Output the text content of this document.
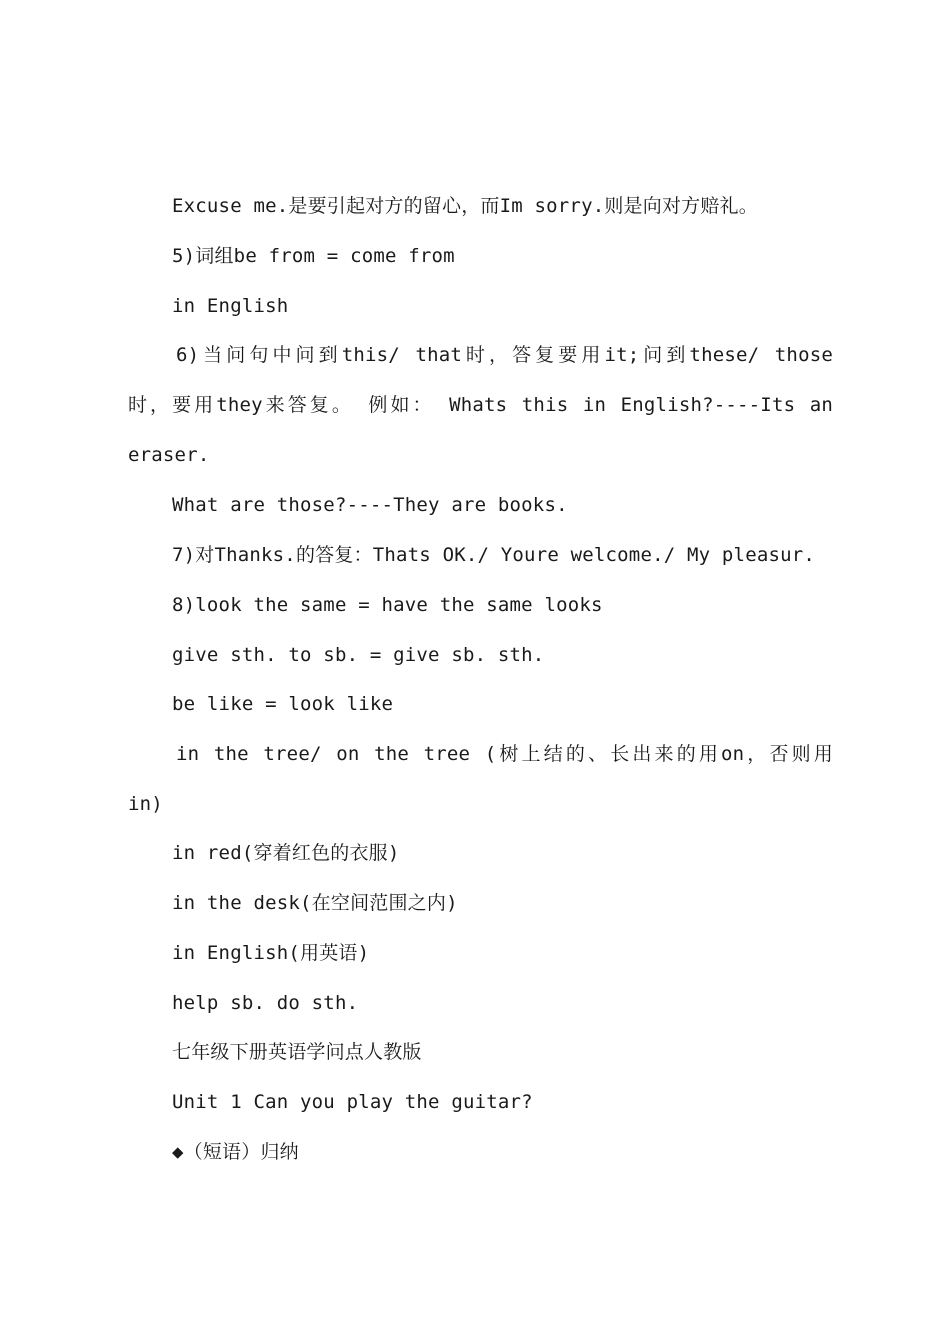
Excuse me.是要引起对方的留心，而Im sorry.则是向对方赔礼。
5)词组be from = come from
in English
6)当问句中问到this/ that时，答复要用it;问到these/ those
时，要用they来答复。 例如： Whats this in English?----Its an
eraser.
What are those?----They are books.
7)对Thanks.的答复：Thats OK./ Youre welcome./ My pleasur.
8)look the same = have the same looks
give sth. to sb. = give sb. sth.
be like = look like
in the tree/ on the tree (树上结的、长出来的用on，否则用
in)
in red(穿着红色的衣服)
in the desk(在空间范围之内)
in English(用英语)
help sb. do sth.
七年级下册英语学问点人教版
Unit 1 Can you play the guitar?
◆（短语）归纳
